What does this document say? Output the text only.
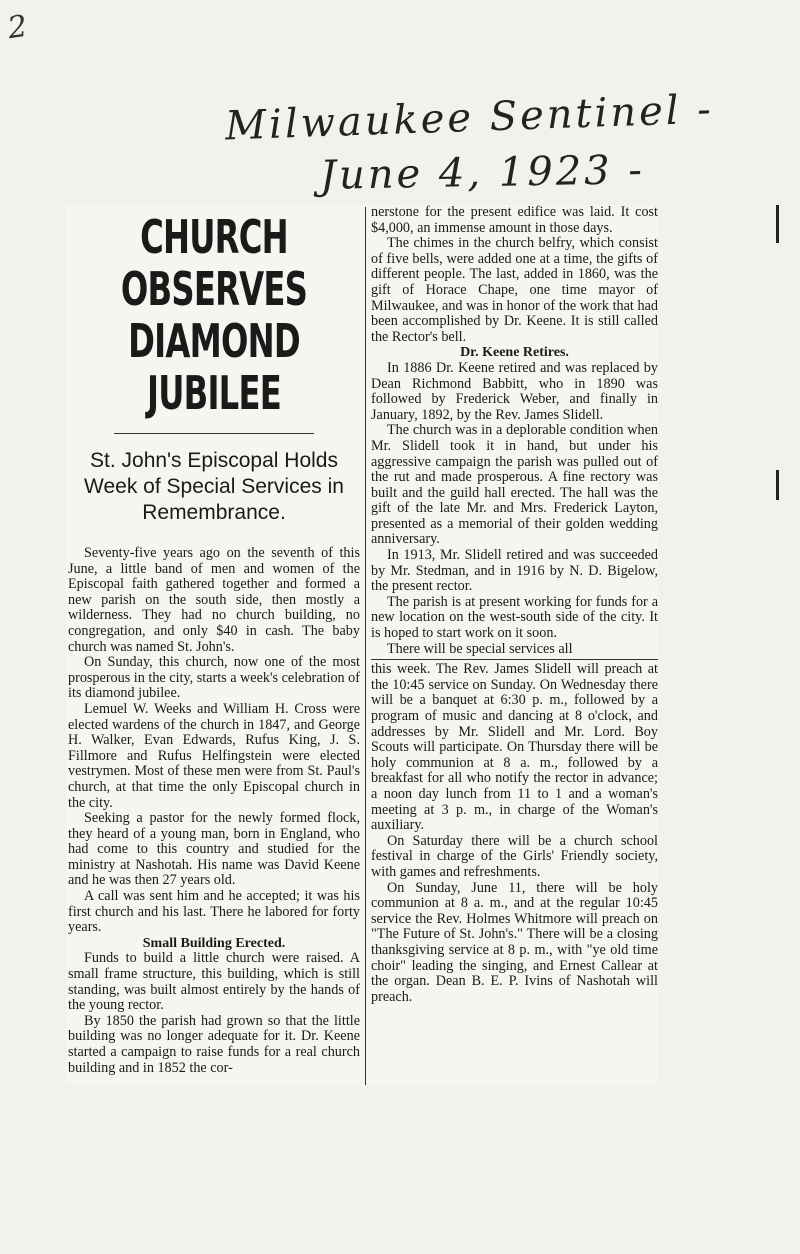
2
Milwaukee Sentinel -
June 4, 1923 -
CHURCH OBSERVES
DIAMOND JUBILEE
St. John's Episcopal Holds Week of Special Services in Remembrance.

Seventy-five years ago on the seventh of this June, a little band of men and women of the Episcopal faith gathered together and formed a new parish on the south side, then mostly a wilderness. They had no church building, no congregation, and only $40 in cash. The baby church was named St. John's.

On Sunday, this church, now one of the most prosperous in the city, starts a week's celebration of its diamond jubilee.

Lemuel W. Weeks and William H. Cross were elected wardens of the church in 1847, and George H. Walker, Evan Edwards, Rufus King, J. S. Fillmore and Rufus Helfingstein were elected vestrymen. Most of these men were from St. Paul's church, at that time the only Episcopal church in the city.

Seeking a pastor for the newly formed flock, they heard of a young man, born in England, who had come to this country and studied for the ministry at Nashotah. His name was David Keene and he was then 27 years old.

A call was sent him and he accepted; it was his first church and his last. There he labored for forty years.

Small Building Erected.

Funds to build a little church were raised. A small frame structure, this building, which is still standing, was built almost entirely by the hands of the young rector.

By 1850 the parish had grown so that the little building was no longer adequate for it. Dr. Keene started a campaign to raise funds for a real church building and in 1852 the cor-

nerstone for the present edifice was laid. It cost $4,000, an immense amount in those days.

The chimes in the church belfry, which consist of five bells, were added one at a time, the gifts of different people. The last, added in 1860, was the gift of Horace Chape, one time mayor of Milwaukee, and was in honor of the work that had been accomplished by Dr. Keene. It is still called the Rector's bell.

Dr. Keene Retires.

In 1886 Dr. Keene retired and was replaced by Dean Richmond Babbitt, who in 1890 was followed by Frederick Weber, and finally in January, 1892, by the Rev. James Slidell.

The church was in a deplorable condition when Mr. Slidell took it in hand, but under his aggressive campaign the parish was pulled out of the rut and made prosperous. A fine rectory was built and the guild hall erected. The hall was the gift of the late Mr. and Mrs. Frederick Layton, presented as a memorial of their golden wedding anniversary.

In 1913, Mr. Slidell retired and was succeeded by Mr. Stedman, and in 1916 by N. D. Bigelow, the present rector.

The parish is at present working for funds for a new location on the west-south side of the city. It is hoped to start work on it soon.

There will be special services all

this week. The Rev. James Slidell will preach at the 10:45 service on Sunday. On Wednesday there will be a banquet at 6:30 p. m., followed by a program of music and dancing at 8 o'clock, and addresses by Mr. Slidell and Mr. Lord. Boy Scouts will participate. On Thursday there will be holy communion at 8 a. m., followed by a breakfast for all who notify the rector in advance; a noon day lunch from 11 to 1 and a woman's meeting at 3 p. m., in charge of the Woman's auxiliary.

On Saturday there will be a church school festival in charge of the Girls' Friendly society, with games and refreshments.

On Sunday, June 11, there will be holy communion at 8 a. m., and at the regular 10:45 service the Rev. Holmes Whitmore will preach on "The Future of St. John's." There will be a closing thanksgiving service at 8 p. m., with "ye old time choir" leading the singing, and Ernest Callear at the organ. Dean B. E. P. Ivins of Nashotah will preach.
